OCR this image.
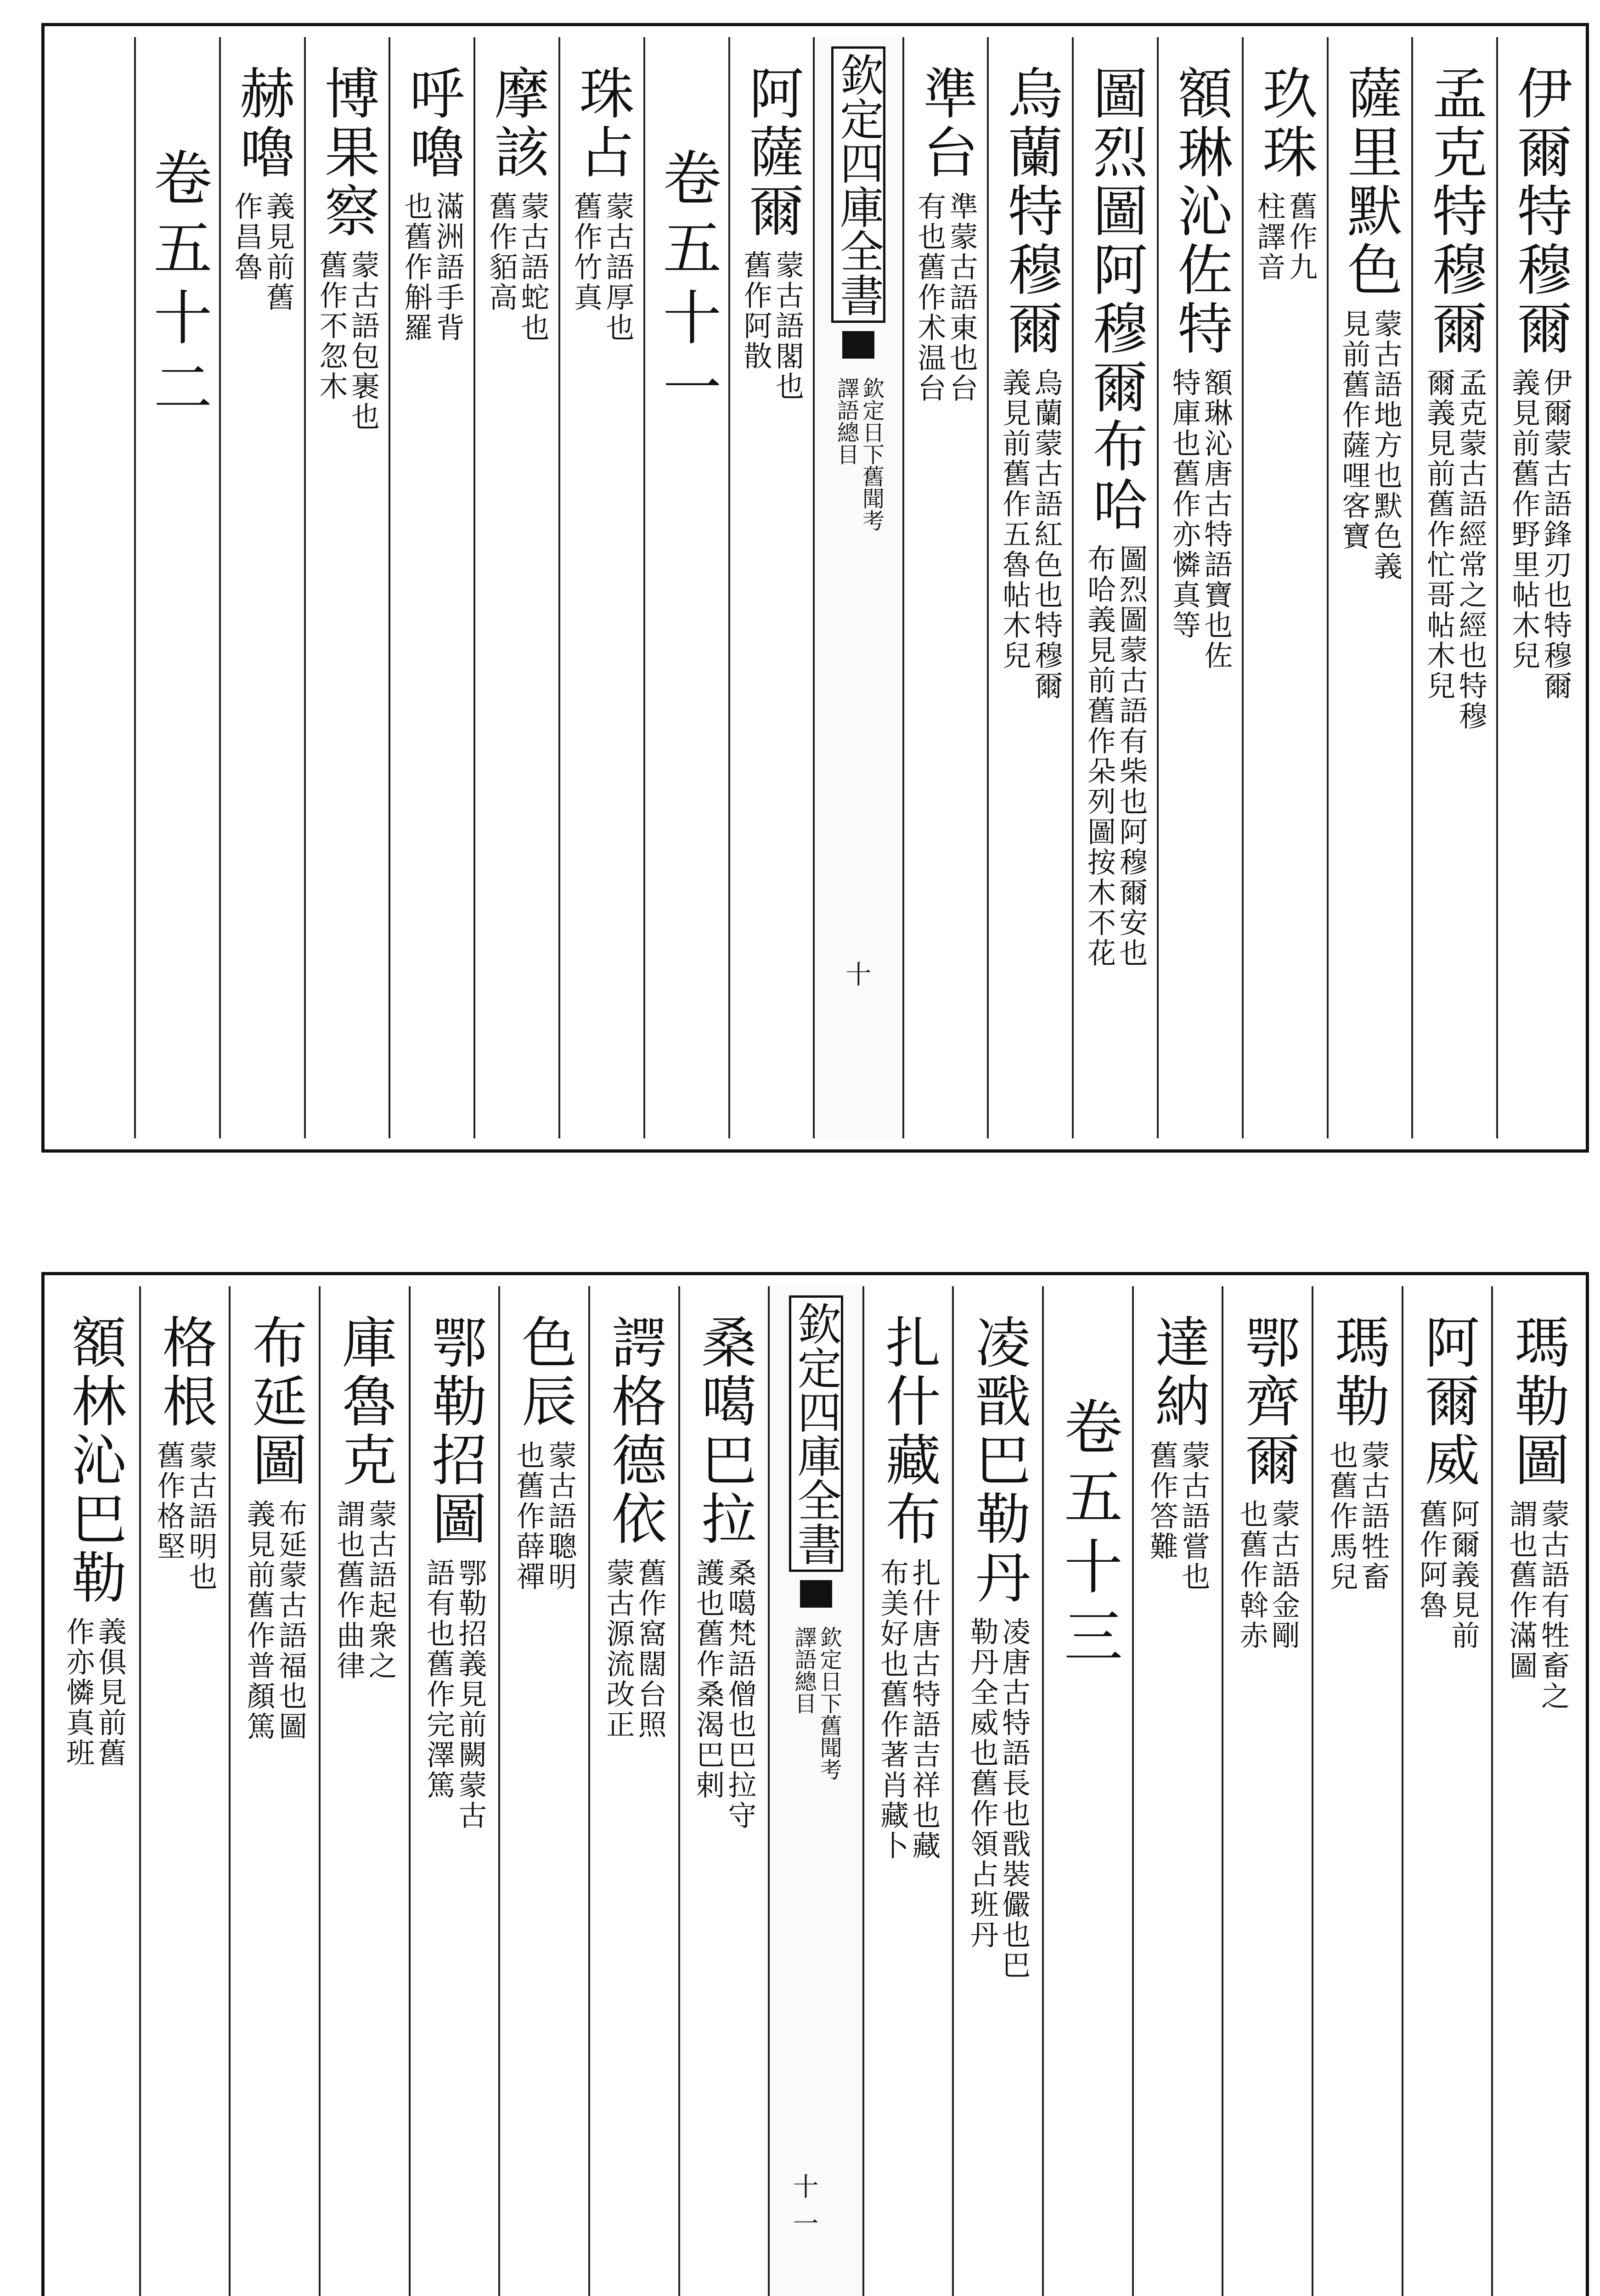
伊爾特穆爾
伊爾蒙古語鋒刃也特穆爾
義見前舊作野里帖木兒
孟克特穆爾
孟克蒙古語經常之經也特穆
爾義見前舊作忙哥帖木兒
薩里默色
蒙古語地方也默色義
見前舊作薩哩客寶
玖珠
舊作九
柱譯音
額琳沁佐特
額琳沁唐古特語寶也佐
特庫也舊作亦憐真等
圖烈圖阿穆爾布哈
圖烈圖蒙古語有柴也阿穆爾安也
布哈義見前舊作朵列圖按木不花
烏蘭特穆爾
烏蘭蒙古語紅色也特穆爾
義見前舊作五魯帖木兒
準台
準蒙古語東也台
有也舊作术温台
欽定四庫全書
欽定日下舊聞考
譯語總目
十
阿薩爾
蒙古語閣也
舊作阿散
卷五十一
珠占
蒙古語厚也
舊作竹真
摩該
蒙古語蛇也
舊作貊高
呼嚕
滿洲語手背
也舊作斛羅
博果察
蒙古語包裹也
舊作不忽木
赫嚕
義見前舊
作昌魯
卷五十二
瑪勒圖
蒙古語有牲畜之
謂也舊作滿圖
阿爾威
阿爾義見前
舊作阿魯
瑪勒
蒙古語牲畜
也舊作馬兒
鄂齊爾
蒙古語金剛
也舊作斡赤
達納
蒙古語嘗也
舊作答難
卷五十三
凌戬巴勒丹
凌唐古特語長也戬裝儼也巴
勒丹全威也舊作領占班丹
扎什藏布
扎什唐古特語吉祥也藏
布美好也舊作著肖藏卜
欽定四庫全書
欽定日下舊聞考
譯語總目
十一
桑噶巴拉
桑噶梵語僧也巴拉守
護也舊作桑渴巴剌
諤格德依
舊作窩闊台照
蒙古源流改正
色辰
蒙古語聰明
也舊作薛禪
鄂勒招圖
鄂勒招義見前闕蒙古
語有也舊作完澤篤
庫魯克
蒙古語起衆之
謂也舊作曲律
布延圖
布延蒙古語福也圖
義見前舊作普顏篤
格根
蒙古語明也
舊作格堅
額林沁巴勒
義俱見前舊
作亦憐真班
